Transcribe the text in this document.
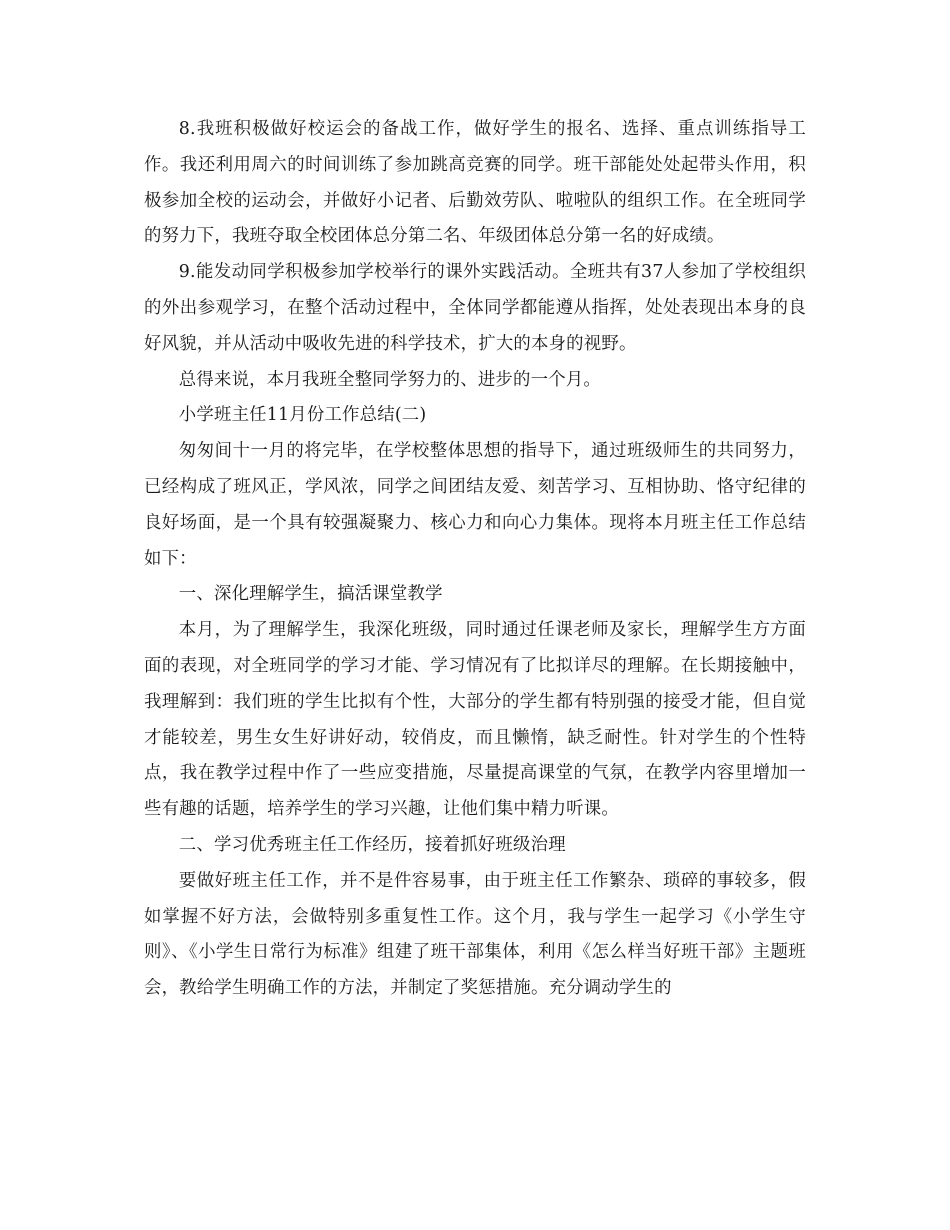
8.我班积极做好校运会的备战工作，做好学生的报名、选择、重点训练指导工作。我还利用周六的时间训练了参加跳高竞赛的同学。班干部能处处起带头作用，积极参加全校的运动会，并做好小记者、后勤效劳队、啦啦队的组织工作。在全班同学的努力下，我班夺取全校团体总分第二名、年级团体总分第一名的好成绩。

9.能发动同学积极参加学校举行的课外实践活动。全班共有37人参加了学校组织的外出参观学习，在整个活动过程中，全体同学都能遵从指挥，处处表现出本身的良好风貌，并从活动中吸收先进的科学技术，扩大的本身的视野。

总得来说，本月我班全整同学努力的、进步的一个月。

小学班主任11月份工作总结(二)

匆匆间十一月的将完毕，在学校整体思想的指导下，通过班级师生的共同努力，已经构成了班风正，学风浓，同学之间团结友爱、刻苦学习、互相协助、恪守纪律的良好场面，是一个具有较强凝聚力、核心力和向心力集体。现将本月班主任工作总结如下：

一、深化理解学生，搞活课堂教学

本月，为了理解学生，我深化班级，同时通过任课老师及家长，理解学生方方面面的表现，对全班同学的学习才能、学习情况有了比拟详尽的理解。在长期接触中，我理解到：我们班的学生比拟有个性，大部分的学生都有特别强的接受才能，但自觉才能较差，男生女生好讲好动，较俏皮，而且懒惰，缺乏耐性。针对学生的个性特点，我在教学过程中作了一些应变措施，尽量提高课堂的气氛，在教学内容里增加一些有趣的话题，培养学生的学习兴趣，让他们集中精力听课。

二、学习优秀班主任工作经历，接着抓好班级治理

要做好班主任工作，并不是件容易事，由于班主任工作繁杂、琐碎的事较多，假如掌握不好方法，会做特别多重复性工作。这个月，我与学生一起学习《小学生守则》、《小学生日常行为标准》组建了班干部集体，利用《怎么样当好班干部》主题班会，教给学生明确工作的方法，并制定了奖惩措施。充分调动学生的
